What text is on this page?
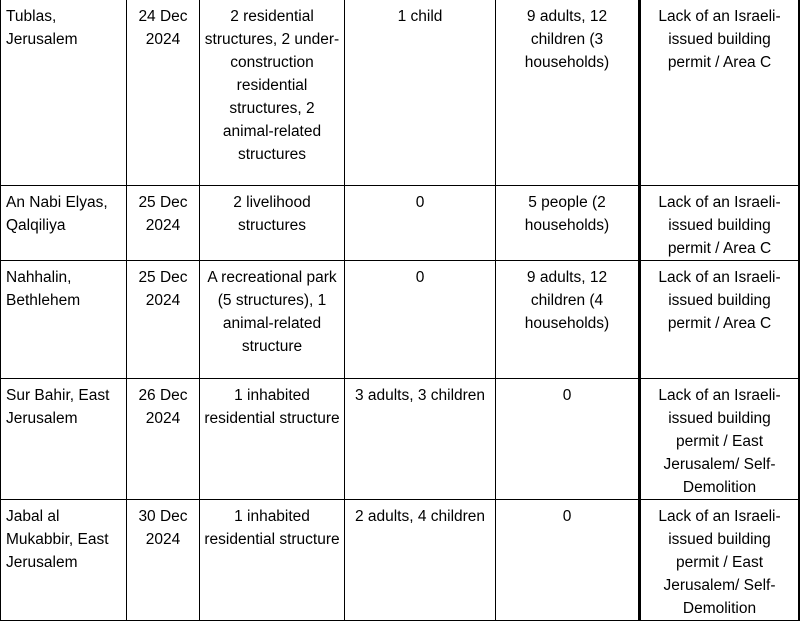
Tublas, Jerusalem	24 Dec 2024	2 residential structures, 2 under-construction residential structures, 2 animal-related structures	1 child	9 adults, 12 children (3 households)	Lack of an Israeli-issued building permit / Area C
An Nabi Elyas, Qalqiliya	25 Dec 2024	2 livelihood structures	0	5 people (2 households)	Lack of an Israeli-issued building permit / Area C
Nahhalin, Bethlehem	25 Dec 2024	A recreational park (5 structures), 1 animal-related structure	0	9 adults, 12 children (4 households)	Lack of an Israeli-issued building permit / Area C
Sur Bahir, East Jerusalem	26 Dec 2024	1 inhabited residential structure	3 adults, 3 children	0	Lack of an Israeli-issued building permit / East Jerusalem/ Self-Demolition
Jabal al Mukabbir, East Jerusalem	30 Dec 2024	1 inhabited residential structure	2 adults, 4 children	0	Lack of an Israeli-issued building permit / East Jerusalem/ Self-Demolition
